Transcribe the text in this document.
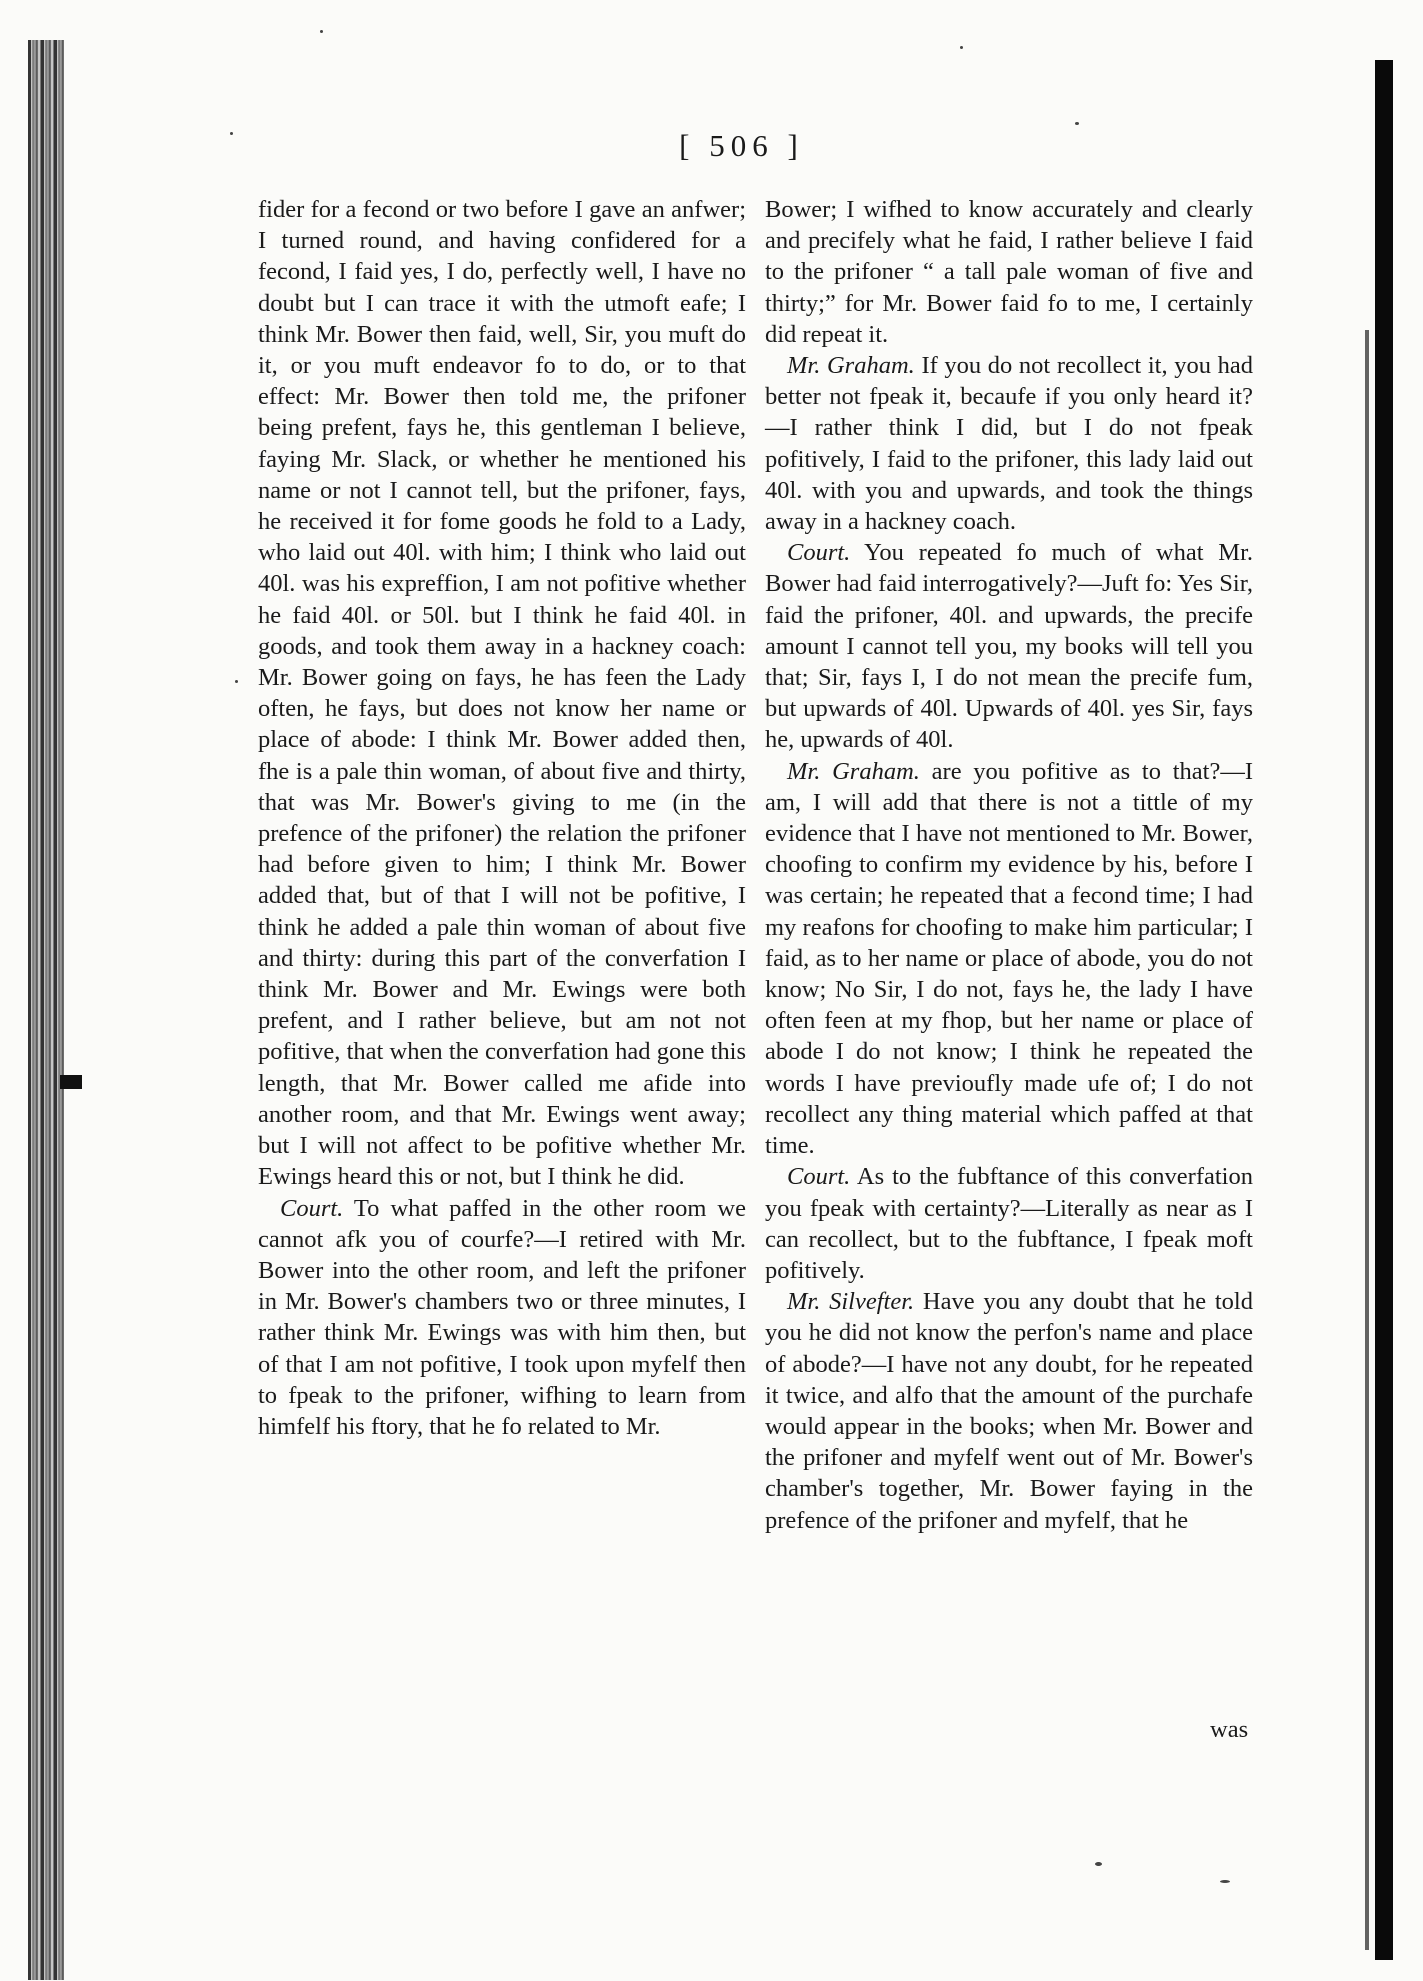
[ 506 ]

fider for a fecond or two before I gave an anfwer; I turned round, and having confidered for a fecond, I faid yes, I do, perfectly well, I have no doubt but I can trace it with the utmoft eafe; I think Mr. Bower then faid, well, Sir, you muft do it, or you muft endeavor fo to do, or to that effect: Mr. Bower then told me, the prifoner being prefent, fays he, this gentleman I believe, faying Mr. Slack, or whether he mentioned his name or not I cannot tell, but the prifoner, fays, he received it for fome goods he fold to a Lady, who laid out 40l. with him; I think who laid out 40l. was his expreffion, I am not pofitive whether he faid 40l. or 50l. but I think he faid 40l. in goods, and took them away in a hackney coach: Mr. Bower going on fays, he has feen the Lady often, he fays, but does not know her name or place of abode: I think Mr. Bower added then, fhe is a pale thin woman, of about five and thirty, that was Mr. Bower's giving to me (in the prefence of the prifoner) the relation the prifoner had before given to him; I think Mr. Bower added that, but of that I will not be pofitive, I think he added a pale thin woman of about five and thirty: during this part of the converfation I think Mr. Bower and Mr. Ewings were both prefent, and I rather believe, but am not not pofitive, that when the converfation had gone this length, that Mr. Bower called me afide into another room, and that Mr. Ewings went away; but I will not affect to be pofitive whether Mr. Ewings heard this or not, but I think he did.

Court. To what paffed in the other room we cannot afk you of courfe?—I retired with Mr. Bower into the other room, and left the prifoner in Mr. Bower's chambers two or three minutes, I rather think Mr. Ewings was with him then, but of that I am not pofitive, I took upon myfelf then to fpeak to the prifoner, wifhing to learn from himfelf his ftory, that he fo related to Mr.

Bower; I wifhed to know accurately and clearly and precifely what he faid, I rather believe I faid to the prifoner “ a tall pale woman of five and thirty;” for Mr. Bower faid fo to me, I certainly did repeat it.

Mr. Graham. If you do not recollect it, you had better not fpeak it, becaufe if you only heard it?—I rather think I did, but I do not fpeak pofitively, I faid to the prifoner, this lady laid out 40l. with you and upwards, and took the things away in a hackney coach.

Court. You repeated fo much of what Mr. Bower had faid interrogatively?—Juft fo: Yes Sir, faid the prifoner, 40l. and upwards, the precife amount I cannot tell you, my books will tell you that; Sir, fays I, I do not mean the precife fum, but upwards of 40l. Upwards of 40l. yes Sir, fays he, upwards of 40l.

Mr. Graham. are you pofitive as to that?—I am, I will add that there is not a tittle of my evidence that I have not mentioned to Mr. Bower, choofing to confirm my evidence by his, before I was certain; he repeated that a fecond time; I had my reafons for choofing to make him particular; I faid, as to her name or place of abode, you do not know; No Sir, I do not, fays he, the lady I have often feen at my fhop, but her name or place of abode I do not know; I think he repeated the words I have previoufly made ufe of; I do not recollect any thing material which paffed at that time.

Court. As to the fubftance of this converfation you fpeak with certainty?—Literally as near as I can recollect, but to the fubftance, I fpeak moft pofitively.

Mr. Silvefter. Have you any doubt that he told you he did not know the perfon's name and place of abode?—I have not any doubt, for he repeated it twice, and alfo that the amount of the purchafe would appear in the books; when Mr. Bower and the prifoner and myfelf went out of Mr. Bower's chamber's together, Mr. Bower faying in the prefence of the prifoner and myfelf, that he

was
